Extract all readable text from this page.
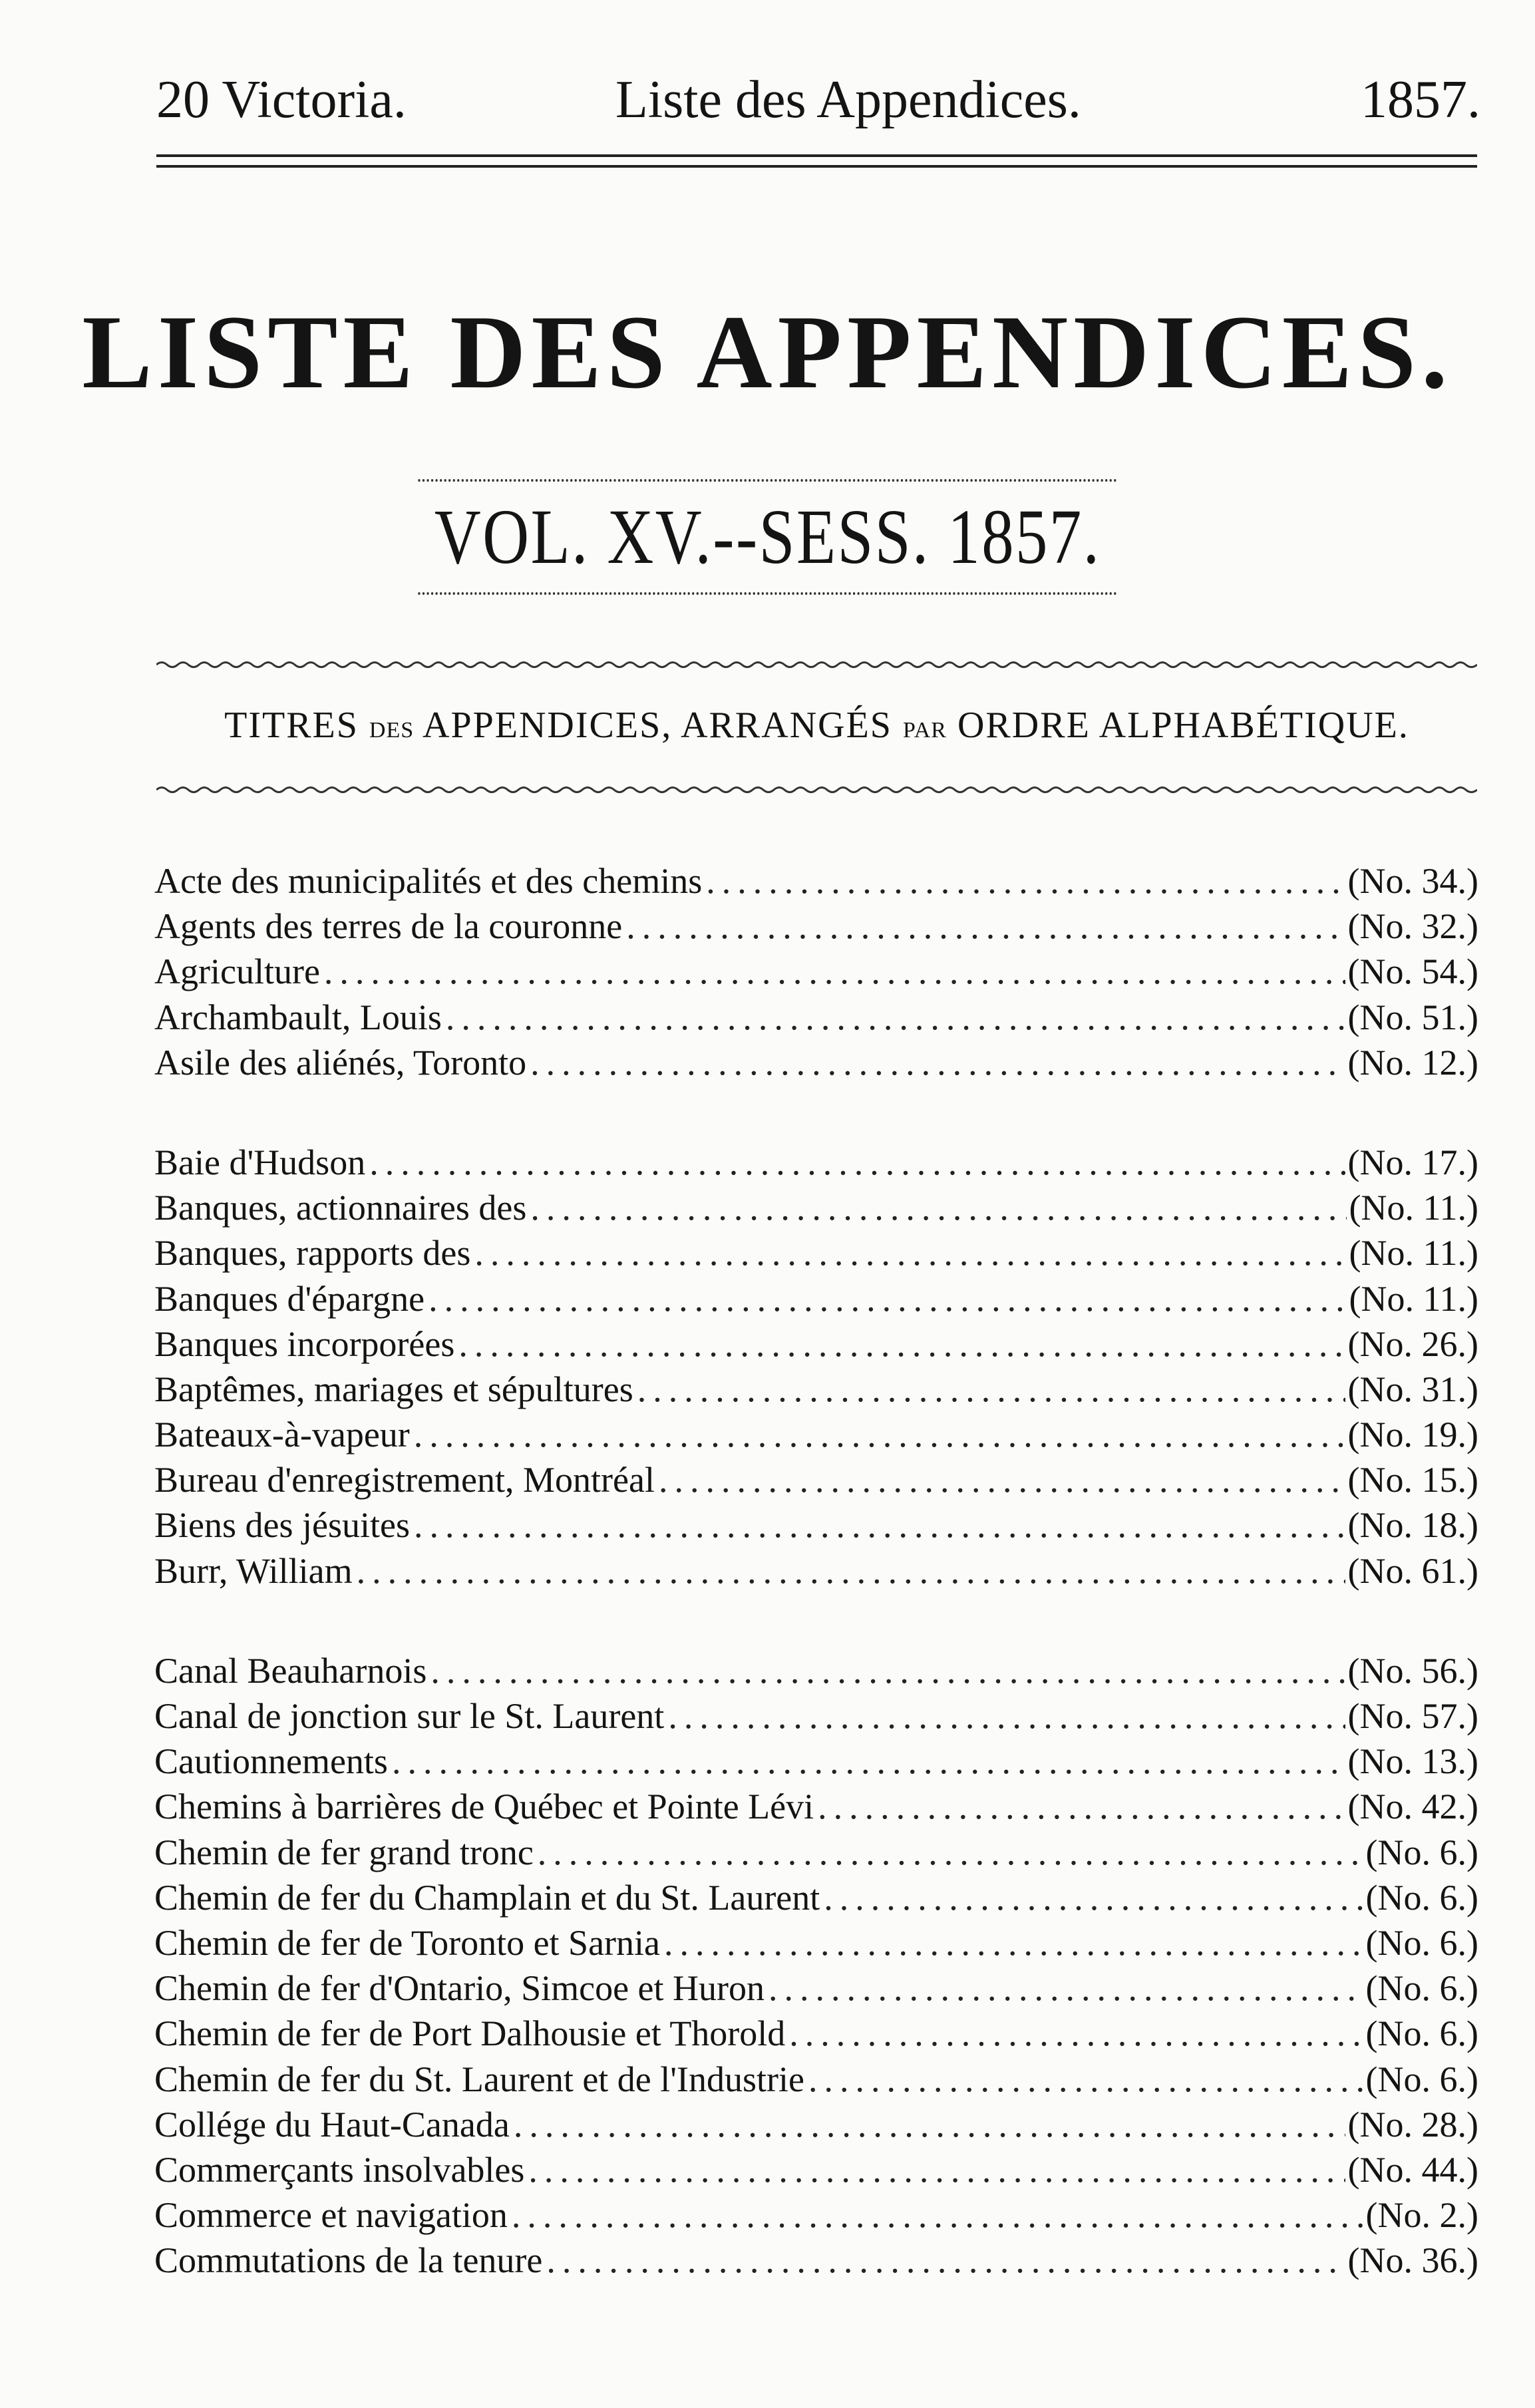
20 Victoria.	Liste des Appendices.	1857.
LISTE DES APPENDICES.
VOL. XV.--SESS. 1857.
TITRES DES APPENDICES, ARRANGÉS PAR ORDRE ALPHABÉTIQUE.
Acte des municipalités et des chemins .....	(No. 34.)
Agents des terres de la couronne .....	(No. 32.)
Agriculture .....	(No. 54.)
Archambault, Louis .....	(No. 51.)
Asile des aliénés, Toronto .....	(No. 12.)
Baie d'Hudson .....	(No. 17.)
Banques, actionnaires des .....	(No. 11.)
Banques, rapports des .....	(No. 11.)
Banques d'épargne .....	(No. 11.)
Banques incorporées .....	(No. 26.)
Baptêmes, mariages et sépultures .....	(No. 31.)
Bateaux-à-vapeur .....	(No. 19.)
Bureau d'enregistrement, Montréal .....	(No. 15.)
Biens des jésuites .....	(No. 18.)
Burr, William .....	(No. 61.)
Canal Beauharnois .....	(No. 56.)
Canal de jonction sur le St. Laurent .....	(No. 57.)
Cautionnements .....	(No. 13.)
Chemins à barrières de Québec et Pointe Lévi .....	(No. 42.)
Chemin de fer grand tronc .....	(No. 6.)
Chemin de fer du Champlain et du St. Laurent .....	(No. 6.)
Chemin de fer de Toronto et Sarnia .....	(No. 6.)
Chemin de fer d'Ontario, Simcoe et Huron .....	(No. 6.)
Chemin de fer de Port Dalhousie et Thorold .....	(No. 6.)
Chemin de fer du St. Laurent et de l'Industrie .....	(No. 6.)
Collége du Haut-Canada .....	(No. 28.)
Commerçants insolvables .....	(No. 44.)
Commerce et navigation .....	(No. 2.)
Commutations de la tenure .....	(No. 36.)
